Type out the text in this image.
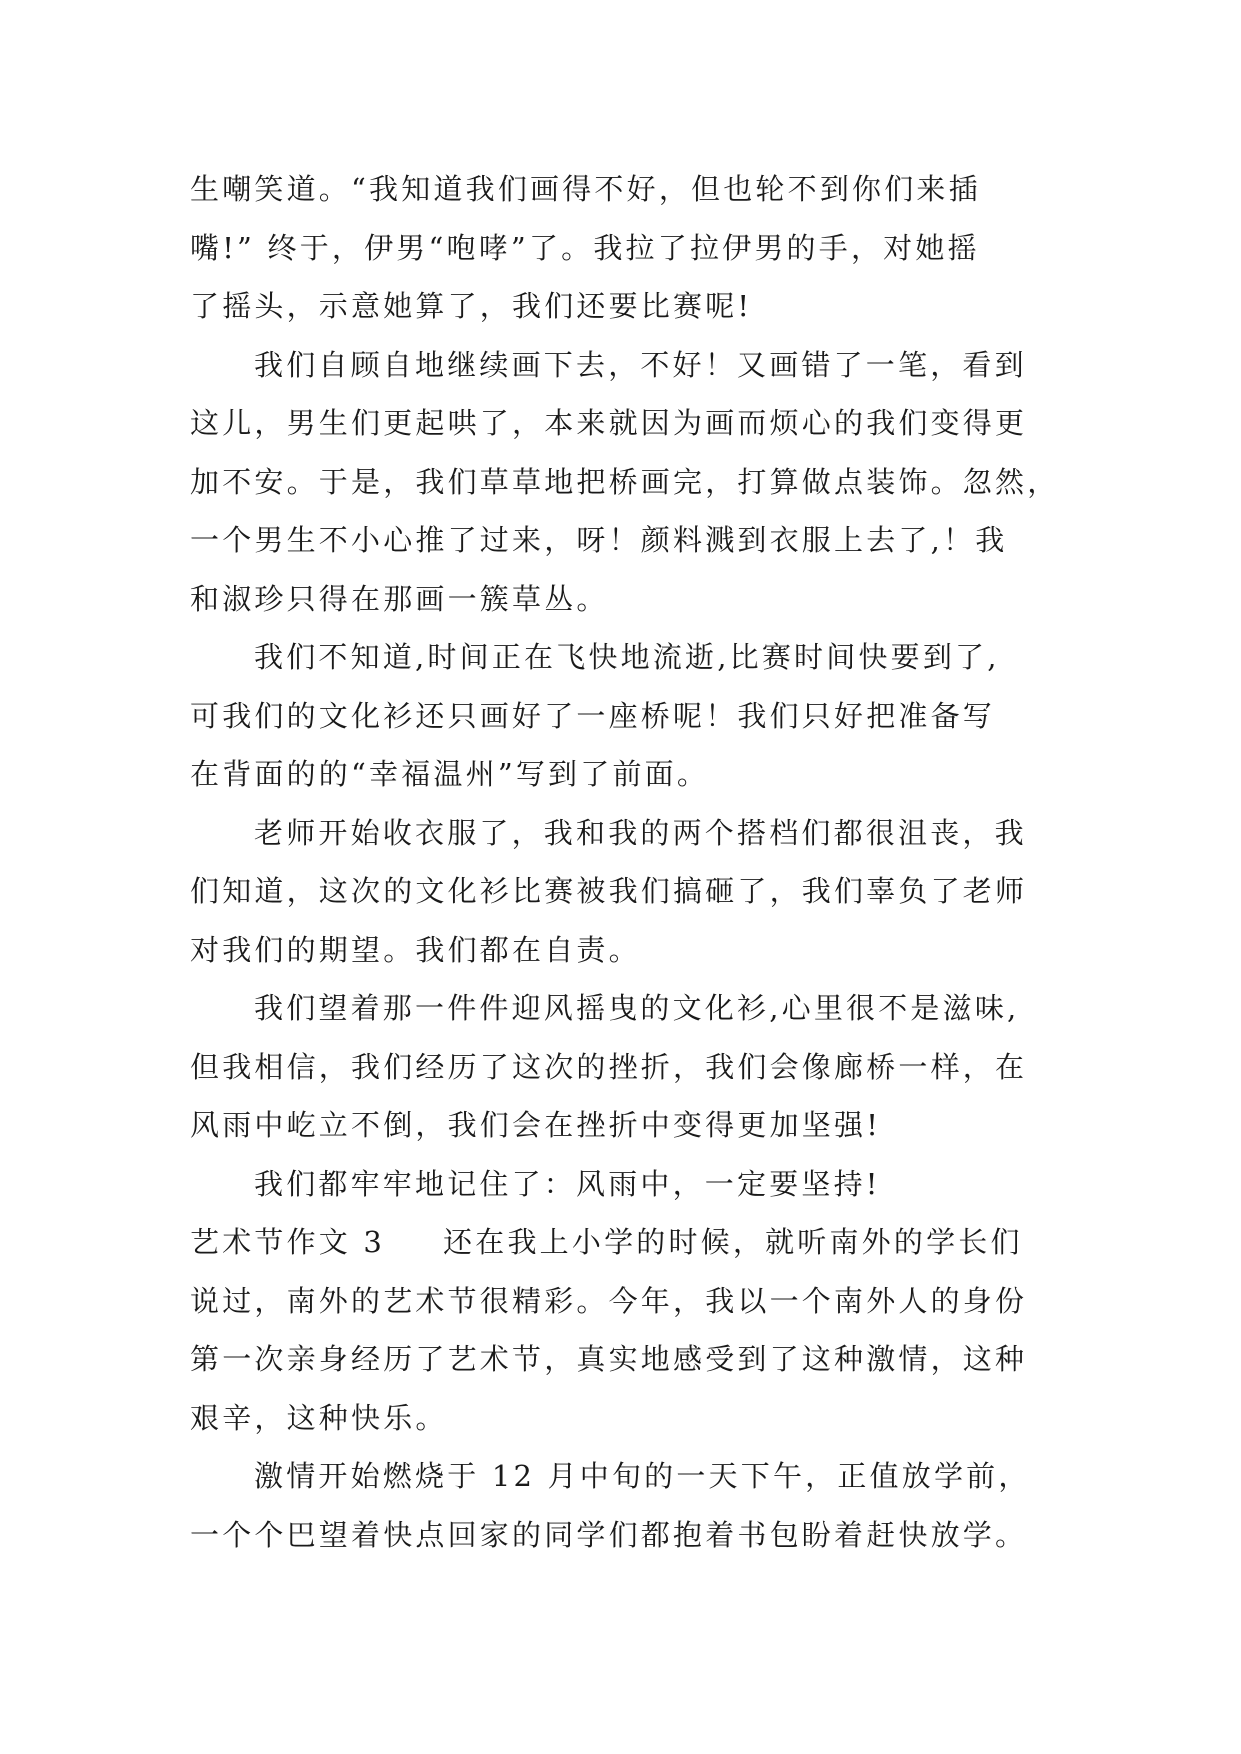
生嘲笑道。“我知道我们画得不好，但也轮不到你们来插
嘴!” 终于，伊男“咆哮”了。我拉了拉伊男的手，对她摇
了摇头，示意她算了，我们还要比赛呢!
我们自顾自地继续画下去，不好！又画错了一笔，看到
这儿，男生们更起哄了，本来就因为画而烦心的我们变得更
加不安。于是，我们草草地把桥画完，打算做点装饰。忽然，
一个男生不小心推了过来，呀！颜料溅到衣服上去了,！我
和淑珍只得在那画一簇草丛。
我们不知道,时间正在飞快地流逝,比赛时间快要到了,
可我们的文化衫还只画好了一座桥呢！我们只好把准备写
在背面的的“幸福温州”写到了前面。
老师开始收衣服了，我和我的两个搭档们都很沮丧，我
们知道，这次的文化衫比赛被我们搞砸了，我们辜负了老师
对我们的期望。我们都在自责。
我们望着那一件件迎风摇曳的文化衫,心里很不是滋味,
但我相信，我们经历了这次的挫折，我们会像廊桥一样，在
风雨中屹立不倒，我们会在挫折中变得更加坚强!
我们都牢牢地记住了：风雨中，一定要坚持!
艺术节作文 3 还在我上小学的时候，就听南外的学长们
说过，南外的艺术节很精彩。今年，我以一个南外人的身份
第一次亲身经历了艺术节，真实地感受到了这种激情，这种
艰辛，这种快乐。
激情开始燃烧于 12 月中旬的一天下午，正值放学前，
一个个巴望着快点回家的同学们都抱着书包盼着赶快放学。
